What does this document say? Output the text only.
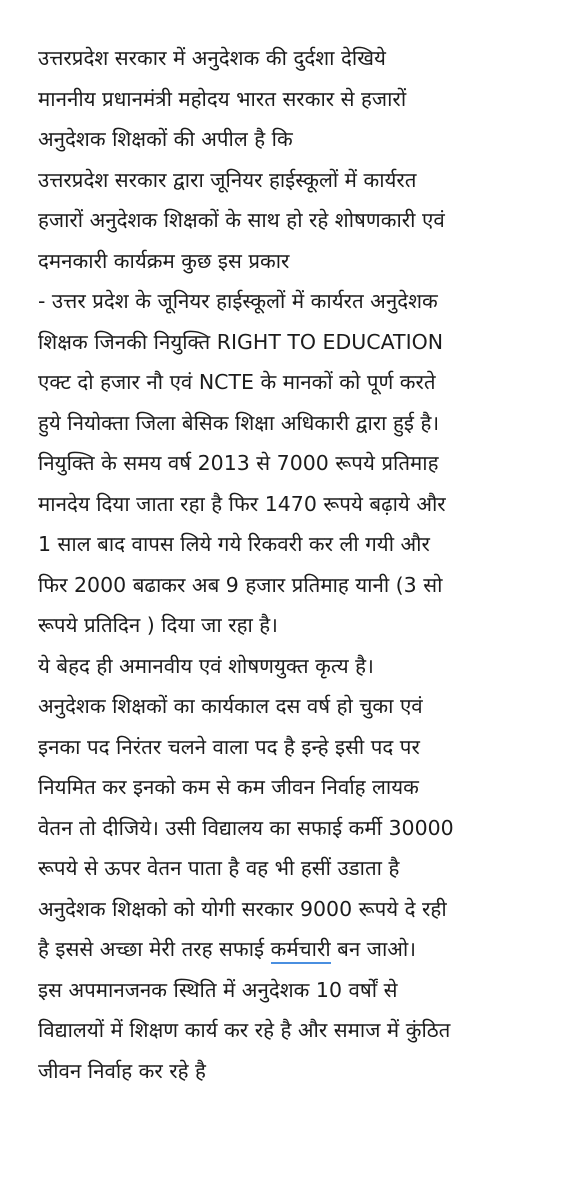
उत्तरप्रदेश सरकार में अनुदेशक की दुर्दशा देखिये
माननीय प्रधानमंत्री महोदय भारत सरकार से हजारों
अनुदेशक शिक्षकों की अपील है कि
उत्तरप्रदेश सरकार द्वारा जूनियर हाईस्कूलों में कार्यरत
हजारों अनुदेशक शिक्षकों के साथ हो रहे शोषणकारी एवं
दमनकारी कार्यक्रम कुछ इस प्रकार
- उत्तर प्रदेश के जूनियर हाईस्कूलों में कार्यरत अनुदेशक
शिक्षक जिनकी नियुक्ति RIGHT TO EDUCATION
एक्ट दो हजार नौ एवं NCTE के मानकों को पूर्ण करते
हुये नियोक्ता जिला बेसिक शिक्षा अधिकारी द्वारा हुई है।
नियुक्ति के समय वर्ष 2013 से 7000 रूपये प्रतिमाह
मानदेय दिया जाता रहा है फिर 1470 रूपये बढ़ाये और
1 साल बाद वापस लिये गये रिकवरी कर ली गयी और
फिर 2000 बढाकर अब 9 हजार प्रतिमाह यानी (3 सो
रूपये प्रतिदिन ) दिया जा रहा है।
ये बेहद ही अमानवीय एवं शोषणयुक्त कृत्य है।
अनुदेशक शिक्षकों का कार्यकाल दस वर्ष हो चुका एवं
इनका पद निरंतर चलने वाला पद है इन्हे इसी पद पर
नियमित कर इनको कम से कम जीवन निर्वाह लायक
वेतन तो दीजिये। उसी विद्यालय का सफाई कर्मी 30000
रूपये से ऊपर वेतन पाता है वह भी हसीं उडाता है
अनुदेशक शिक्षको को योगी सरकार 9000 रूपये दे रही
है इससे अच्छा मेरी तरह सफाई कर्मचारी बन जाओ।
इस अपमानजनक स्थिति में अनुदेशक 10 वर्षों से
विद्यालयों में शिक्षण कार्य कर रहे है और समाज में कुंठित
जीवन निर्वाह कर रहे है
